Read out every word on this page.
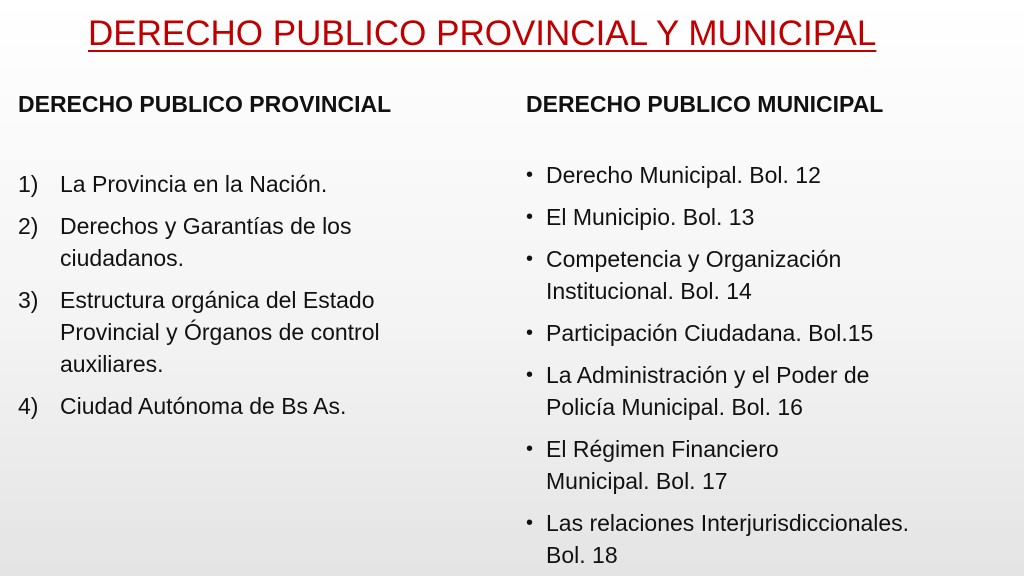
DERECHO PUBLICO PROVINCIAL Y MUNICIPAL
DERECHO PUBLICO PROVINCIAL
1) La Provincia en la Nación.
2) Derechos y Garantías de los ciudadanos.
3) Estructura orgánica del Estado Provincial y Órganos de control auxiliares.
4) Ciudad Autónoma de Bs As.
DERECHO PUBLICO MUNICIPAL
• Derecho Municipal. Bol. 12
• El Municipio. Bol. 13
• Competencia y Organización Institucional. Bol. 14
• Participación Ciudadana. Bol.15
• La Administración y el Poder de Policía Municipal. Bol. 16
• El Régimen Financiero Municipal. Bol. 17
• Las relaciones Interjurisdiccionales. Bol. 18
